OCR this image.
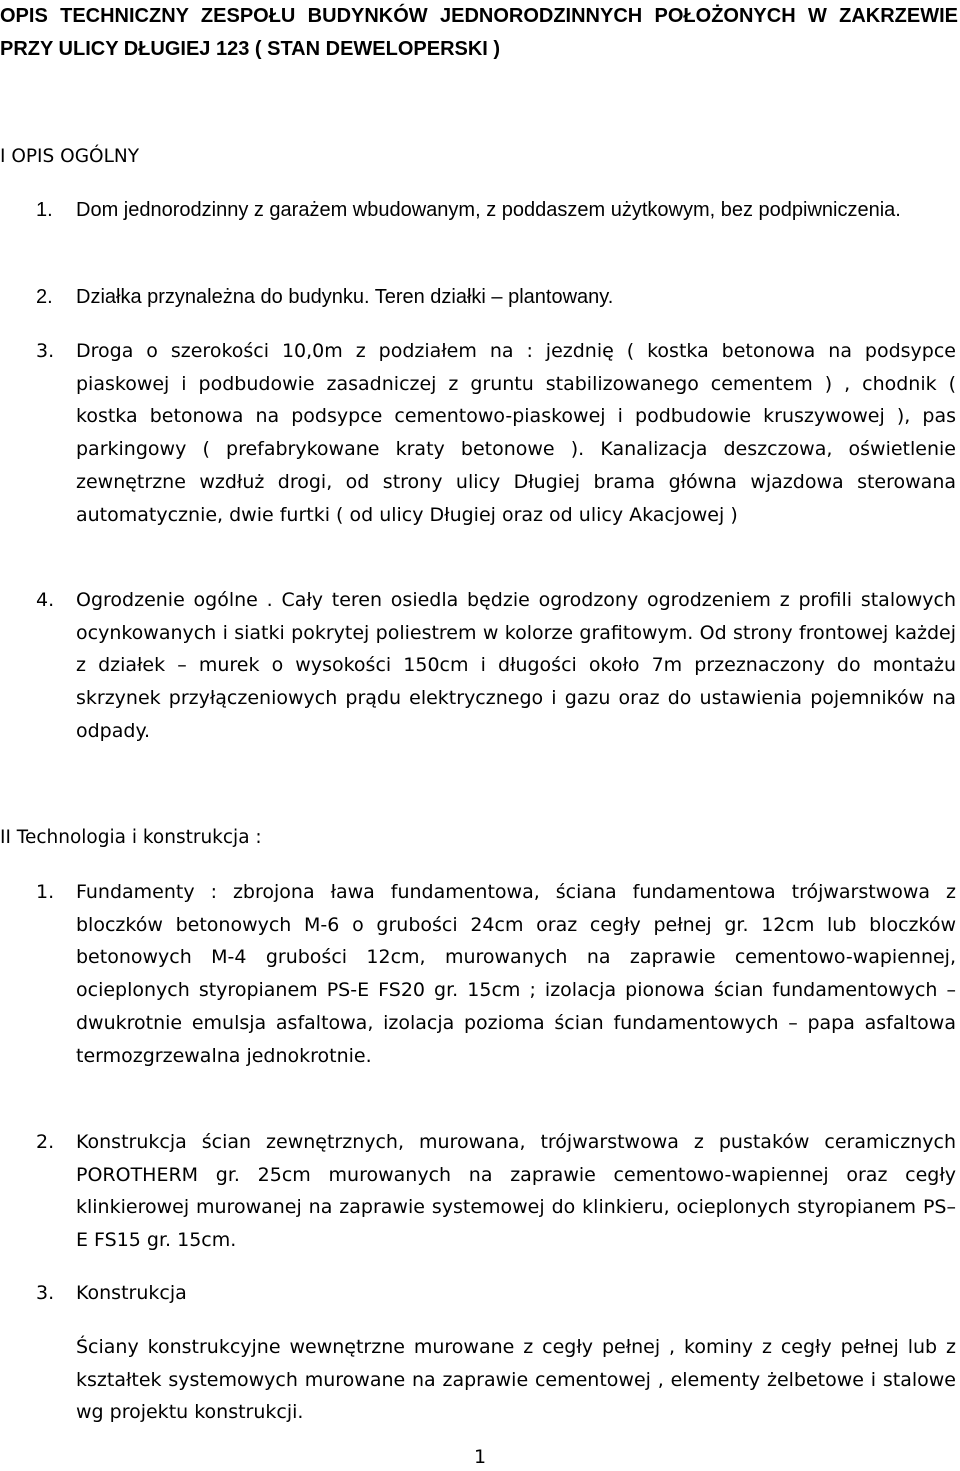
OPIS TECHNICZNY ZESPOŁU BUDYNKÓW JEDNORODZINNYCH POŁOŻONYCH W ZAKRZEWIE PRZY ULICY DŁUGIEJ 123 ( STAN DEWELOPERSKI )
I OPIS OGÓLNY
1. Dom jednorodzinny z garażem wbudowanym, z poddaszem użytkowym, bez podpiwniczenia.

2. Działka przynależna do budynku. Teren działki – plantowany.

3. Droga o szerokości 10,0m z podziałem na : jezdnię ( kostka betonowa na podsypce piaskowej i podbudowie zasadniczej z gruntu stabilizowanego cementem ) , chodnik ( kostka betonowa na podsypce cementowo-piaskowej i podbudowie kruszywowej ), pas parkingowy ( prefabrykowane kraty betonowe ). Kanalizacja deszczowa, oświetlenie zewnętrzne wzdłuż drogi, od strony ulicy Długiej brama główna wjazdowa sterowana automatycznie, dwie furtki ( od ulicy Długiej oraz od ulicy Akacjowej )

4. Ogrodzenie ogólne . Cały teren osiedla będzie ogrodzony ogrodzeniem z profili stalowych ocynkowanych i siatki pokrytej poliestrem w kolorze grafitowym. Od strony frontowej każdej z działek – murek o wysokości 150cm i długości około 7m przeznaczony do montażu skrzynek przyłączeniowych prądu elektrycznego i gazu oraz do ustawienia pojemników na odpady.

II Technologia i konstrukcja :
1. Fundamenty : zbrojona ława fundamentowa, ściana fundamentowa trójwarstwowa z bloczków betonowych M-6 o grubości 24cm oraz cegły pełnej gr. 12cm lub bloczków betonowych M-4 grubości 12cm, murowanych na zaprawie cementowo-wapiennej, ocieplonych styropianem PS-E FS20 gr. 15cm ; izolacja pionowa ścian fundamentowych – dwukrotnie emulsja asfaltowa, izolacja pozioma ścian fundamentowych – papa asfaltowa termozgrzewalna jednokrotnie.

2. Konstrukcja ścian zewnętrznych, murowana, trójwarstwowa z pustaków ceramicznych POROTHERM gr. 25cm murowanych na zaprawie cementowo-wapiennej oraz cegły klinkierowej murowanej na zaprawie systemowej do klinkieru, ocieplonych styropianem PS–E FS15 gr. 15cm.

3. Konstrukcja

Ściany konstrukcyjne wewnętrzne murowane z cegły pełnej , kominy z cegły pełnej lub z kształtek systemowych murowane na zaprawie cementowej , elementy żelbetowe i stalowe wg projektu konstrukcji.

1
